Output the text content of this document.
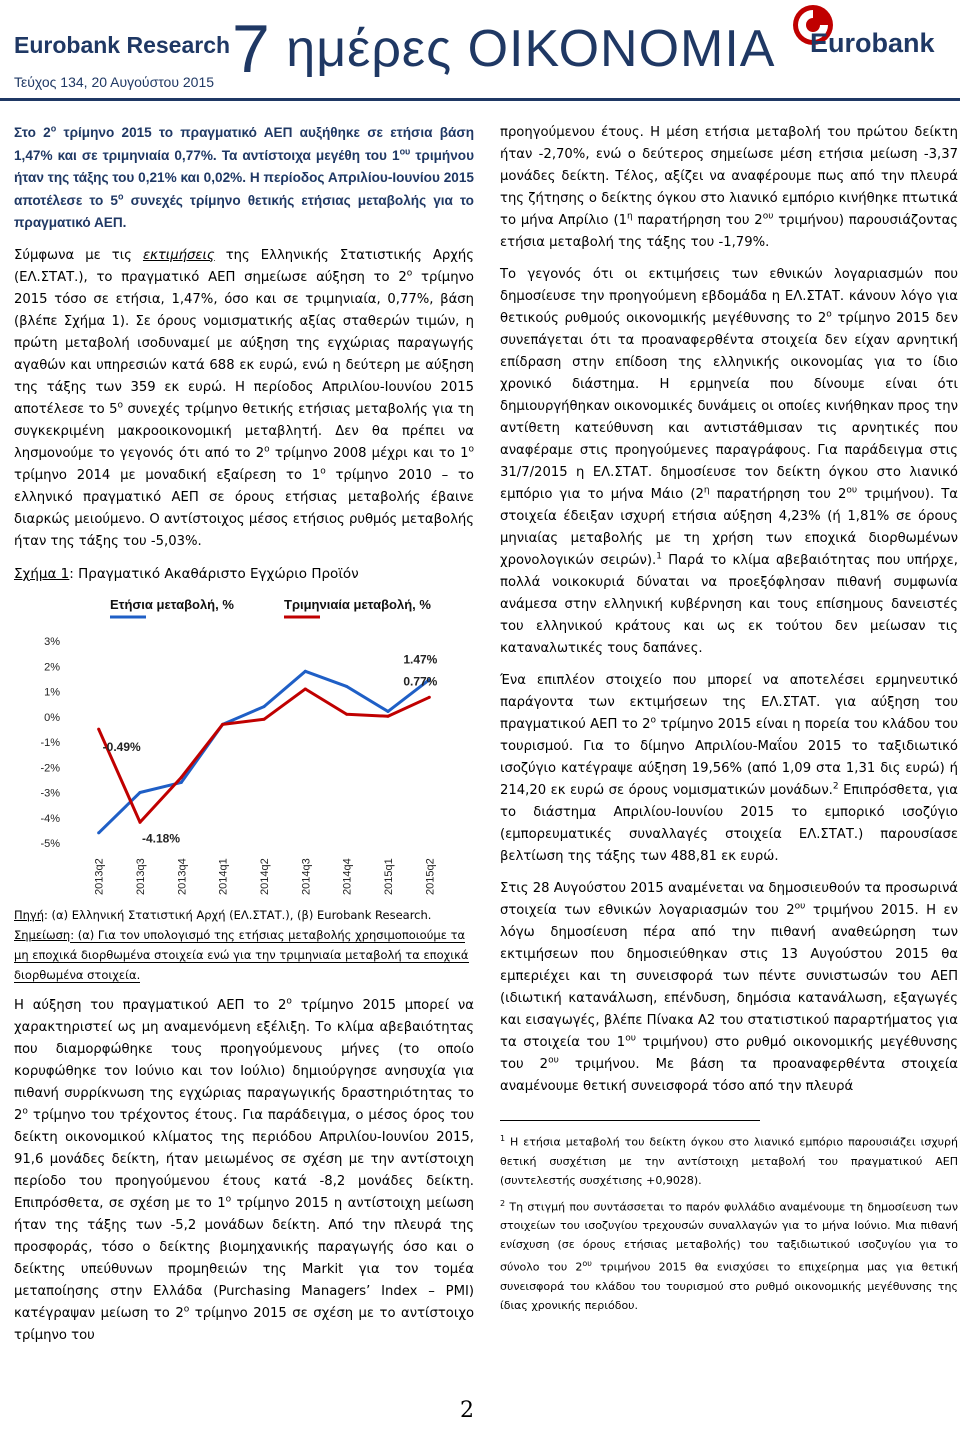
Eurobank Research
Τεύχος 134, 20 Αυγούστου 2015 7 ημέρες ΟΙΚΟΝΟΜΙΑ Eurobank
Στο $2^o$ τρίμηνο 2015 το πραγματικό ΑΕΠ αυξήθηκε σε ετήσια βάση 1,47% και σε τριμηνιαία 0,77%. Τα αντίστοιχα μεγέθη του $1^{o\upsilon}$ τριμήνου ήταν της τάξης του 0,21% και 0,02%. Η περίοδος Απριλίου-Ιουνίου 2015 αποτέλεσε το $5^o$ συνεχές τρίμηνο θετικής ετήσιας μεταβολής για το πραγματικό ΑΕΠ.
Σύμφωνα με τις εκτιμήσεις της Ελληνικής Στατιστικής Αρχής (ΕΛ.ΣΤΑΤ.), το πραγματικό ΑΕΠ σημείωσε αύξηση το $2^o$ τρίμηνο 2015 τόσο σε ετήσια, 1,47%, όσο και σε τριμηνιαία, 0,77%, βάση (βλέπε Σχήμα 1). Σε όρους νομισματικής αξίας σταθερών τιμών, η πρώτη μεταβολή ισοδυναμεί με αύξηση της εγχώριας παραγωγής αγαθών και υπηρεσιών κατά 688 εκ ευρώ, ενώ η δεύτερη με αύξηση της τάξης των 359 εκ ευρώ. Η περίοδος Απριλίου-Ιουνίου 2015 αποτέλεσε το $5^o$ συνεχές τρίμηνο θετικής ετήσιας μεταβολής για τη συγκεκριμένη μακροοικονομική μεταβλητή. Δεν θα πρέπει να λησμονούμε το γεγονός ότι από το $2^o$ τρίμηνο 2008 μέχρι και το $1^o$ τρίμηνο 2014 με μοναδική εξαίρεση το $1^o$ τρίμηνο 2010 – το ελληνικό πραγματικό ΑΕΠ σε όρους ετήσιας μεταβολής έβαινε διαρκώς μειούμενο. Ο αντίστοιχος μέσος ετήσιος ρυθμός μεταβολής ήταν της τάξης του -5,03%.
Σχήμα 1: Πραγματικό Ακαθάριστο Εγχώριο Προϊόν
3%
2%
1%
0%
-1%
-2%
-3%
-4%
-5%
2013q2	2013q3	2013q4	2014q1	2014q2	2014q3	2014q4	2015q1	2015q2
-0.49%
-4.18%
1.47%
0.77%
Ετήσια μεταβολή, %	Τριμηνιαία μεταβολή, %
Πηγή: (α) Ελληνική Στατιστική Αρχή (ΕΛ.ΣΤΑΤ.), (β) Eurobank Research.
Σημείωση: (α) Για τον υπολογισμό της ετήσιας μεταβολής χρησιμοποιούμε τα μη εποχικά διορθωμένα στοιχεία ενώ για την τριμηνιαία μεταβολή τα εποχικά διορθωμένα στοιχεία.
Η αύξηση του πραγματικού ΑΕΠ το $2^o$ τρίμηνο 2015 μπορεί να χαρακτηριστεί ως μη αναμενόμενη εξέλιξη. Το κλίμα αβεβαιότητας που διαμορφώθηκε τους προηγούμενους μήνες (το οποίο κορυφώθηκε τον Ιούνιο και τον Ιούλιο) δημιούργησε ανησυχία για πιθανή συρρίκνωση της εγχώριας παραγωγικής δραστηριότητας το $2^o$ τρίμηνο του τρέχοντος έτους. Για παράδειγμα, ο μέσος όρος του δείκτη οικονομικού κλίματος της περιόδου Απριλίου-Ιουνίου 2015, 91,6 μονάδες δείκτη, ήταν μειωμένος σε σχέση με την αντίστοιχη περίοδο του προηγούμενου έτους κατά -8,2 μονάδες δείκτη. Επιπρόσθετα, σε σχέση με το $1^o$ τρίμηνο 2015 η αντίστοιχη μείωση ήταν της τάξης των -5,2 μονάδων δείκτη. Από την πλευρά της προσφοράς, τόσο ο δείκτης βιομηχανικής παραγωγής όσο και ο δείκτης υπεύθυνων προμηθειών της Markit για τον τομέα μεταποίησης στην Ελλάδα (Purchasing Managers’ Index – PMI) κατέγραψαν μείωση το $2^o$ τρίμηνο 2015 σε σχέση με το αντίστοιχο τρίμηνο του
προηγούμενου έτους. Η μέση ετήσια μεταβολή του πρώτου δείκτη ήταν -2,70%, ενώ ο δεύτερος σημείωσε μέση ετήσια μείωση -3,37 μονάδες δείκτη. Τέλος, αξίζει να αναφέρουμε πως από την πλευρά της ζήτησης ο δείκτης όγκου στο λιανικό εμπόριο κινήθηκε πτωτικά το μήνα Απρίλιο ($1^\eta$ παρατήρηση του $2^{o\upsilon}$ τριμήνου) παρουσιάζοντας ετήσια μεταβολή της τάξης του -1,79%.
Το γεγονός ότι οι εκτιμήσεις των εθνικών λογαριασμών που δημοσίευσε την προηγούμενη εβδομάδα η ΕΛ.ΣΤΑΤ. κάνουν λόγο για θετικούς ρυθμούς οικονομικής μεγέθυνσης το $2^o$ τρίμηνο 2015 δεν συνεπάγεται ότι τα προαναφερθέντα στοιχεία δεν είχαν αρνητική επίδραση στην επίδοση της ελληνικής οικονομίας για το ίδιο χρονικό διάστημα. Η ερμηνεία που δίνουμε είναι ότι δημιουργήθηκαν οικονομικές δυνάμεις οι οποίες κινήθηκαν προς την αντίθετη κατεύθυνση και αντιστάθμισαν τις αρνητικές που αναφέραμε στις προηγούμενες παραγράφους. Για παράδειγμα στις 31/7/2015 η ΕΛ.ΣΤΑΤ. δημοσίευσε τον δείκτη όγκου στο λιανικό εμπόριο για το μήνα Μάιο ($2^\eta$ παρατήρηση του $2^{o\upsilon}$ τριμήνου). Τα στοιχεία έδειξαν ισχυρή ετήσια αύξηση 4,23% (ή 1,81% σε όρους μηνιαίας μεταβολής με τη χρήση των εποχικά διορθωμένων χρονολογικών σειρών).$^1$ Παρά το κλίμα αβεβαιότητας που υπήρχε, πολλά νοικοκυριά δύναται να προεξόφλησαν πιθανή συμφωνία ανάμεσα στην ελληνική κυβέρνηση και τους επίσημους δανειστές του ελληνικού κράτους και ως εκ τούτου δεν μείωσαν τις καταναλωτικές τους δαπάνες.
Ένα επιπλέον στοιχείο που μπορεί να αποτελέσει ερμηνευτικό παράγοντα των εκτιμήσεων της ΕΛ.ΣΤΑΤ. για αύξηση του πραγματικού ΑΕΠ το $2^o$ τρίμηνο 2015 είναι η πορεία του κλάδου του τουρισμού. Για το δίμηνο Απριλίου-Μαΐου 2015 το ταξιδιωτικό ισοζύγιο κατέγραψε αύξηση 19,56% (από 1,09 στα 1,31 δις ευρώ) ή 214,20 εκ ευρώ σε όρους νομισματικών μονάδων.$^2$ Επιπρόσθετα, για το διάστημα Απριλίου-Ιουνίου 2015 το εμπορικό ισοζύγιο (εμπορευματικές συναλλαγές στοιχεία ΕΛ.ΣΤΑΤ.) παρουσίασε βελτίωση της τάξης των 488,81 εκ ευρώ.
Στις 28 Αυγούστου 2015 αναμένεται να δημοσιευθούν τα προσωρινά στοιχεία των εθνικών λογαριασμών του $2^{o\upsilon}$ τριμήνου 2015. Η εν λόγω δημοσίευση πέρα από την πιθανή αναθεώρηση των εκτιμήσεων που δημοσιεύθηκαν στις 13 Αυγούστου 2015 θα εμπεριέχει και τη συνεισφορά των πέντε συνιστωσών του ΑΕΠ (ιδιωτική κατανάλωση, επένδυση, δημόσια κατανάλωση, εξαγωγές και εισαγωγές, βλέπε Πίνακα Α2 του στατιστικού παραρτήματος για τα στοιχεία του $1^{o\upsilon}$ τριμήνου) στο ρυθμό οικονομικής μεγέθυνσης του $2^{o\upsilon}$ τριμήνου. Με βάση τα προαναφερθέντα στοιχεία αναμένουμε θετική συνεισφορά τόσο από την πλευρά
$^1$ Η ετήσια μεταβολή του δείκτη όγκου στο λιανικό εμπόριο παρουσιάζει ισχυρή θετική συσχέτιση με την αντίστοιχη μεταβολή του πραγματικού ΑΕΠ (συντελεστής συσχέτισης +0,9028).
$^2$ Τη στιγμή που συντάσσεται το παρόν φυλλάδιο αναμένουμε τη δημοσίευση των στοιχείων του ισοζυγίου τρεχουσών συναλλαγών για το μήνα Ιούνιο. Μια πιθανή ενίσχυση (σε όρους ετήσιας μεταβολής) του ταξιδιωτικού ισοζυγίου για το σύνολο του $2^{o\upsilon}$ τριμήνου 2015 θα ενισχύσει το επιχείρημα μας για θετική συνεισφορά του κλάδου του τουρισμού στο ρυθμό οικονομικής μεγέθυνσης της ίδιας χρονικής περιόδου.
2
